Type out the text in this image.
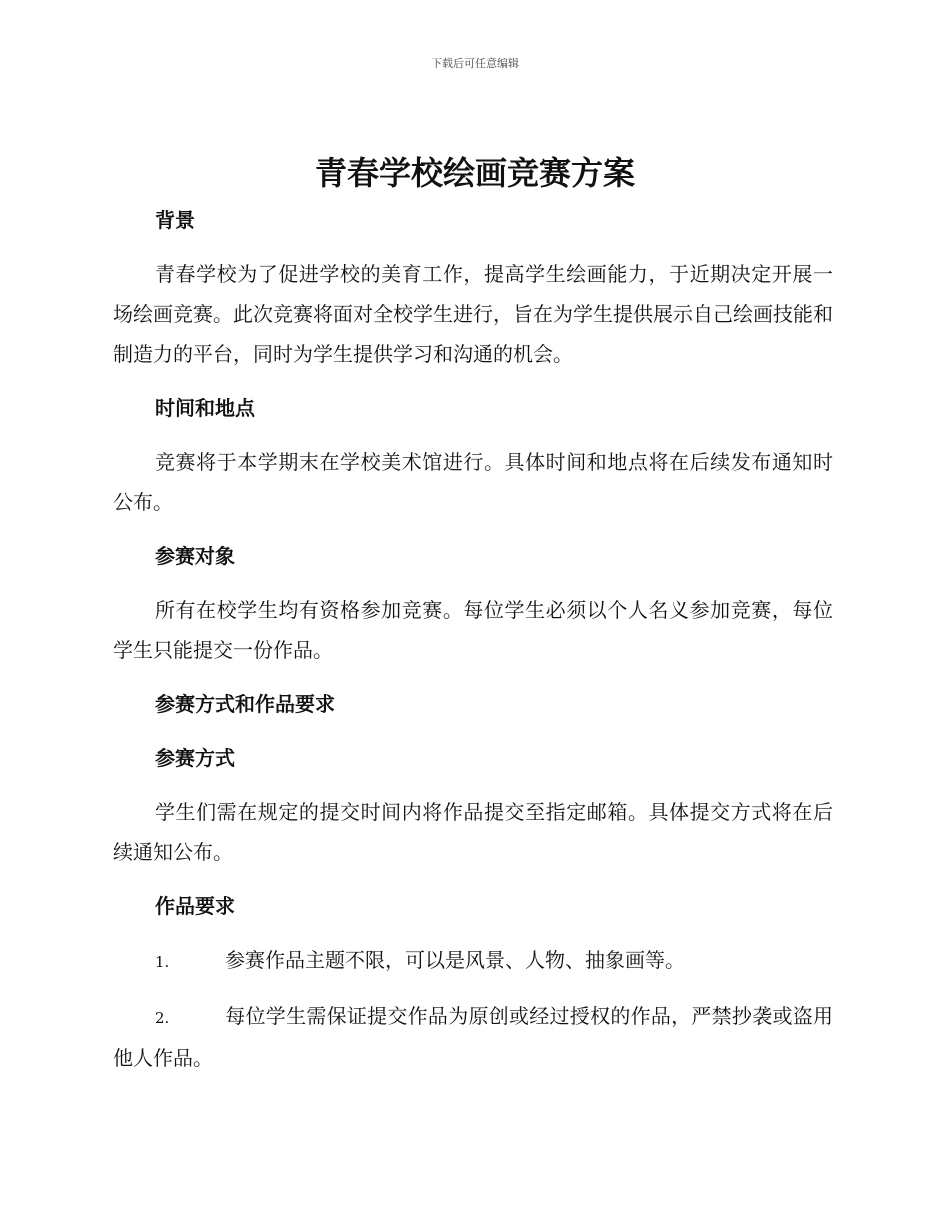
下载后可任意编辑
青春学校绘画竞赛方案

背景

青春学校为了促进学校的美育工作，提高学生绘画能力，于近期决定开展一场绘画竞赛。此次竞赛将面对全校学生进行，旨在为学生提供展示自己绘画技能和制造力的平台，同时为学生提供学习和沟通的机会。

时间和地点

竞赛将于本学期末在学校美术馆进行。具体时间和地点将在后续发布通知时公布。

参赛对象

所有在校学生均有资格参加竞赛。每位学生必须以个人名义参加竞赛，每位学生只能提交一份作品。

参赛方式和作品要求

参赛方式

学生们需在规定的提交时间内将作品提交至指定邮箱。具体提交方式将在后续通知公布。

作品要求

1.	参赛作品主题不限，可以是风景、人物、抽象画等。

2.	每位学生需保证提交作品为原创或经过授权的作品，严禁抄袭或盗用他人作品。
